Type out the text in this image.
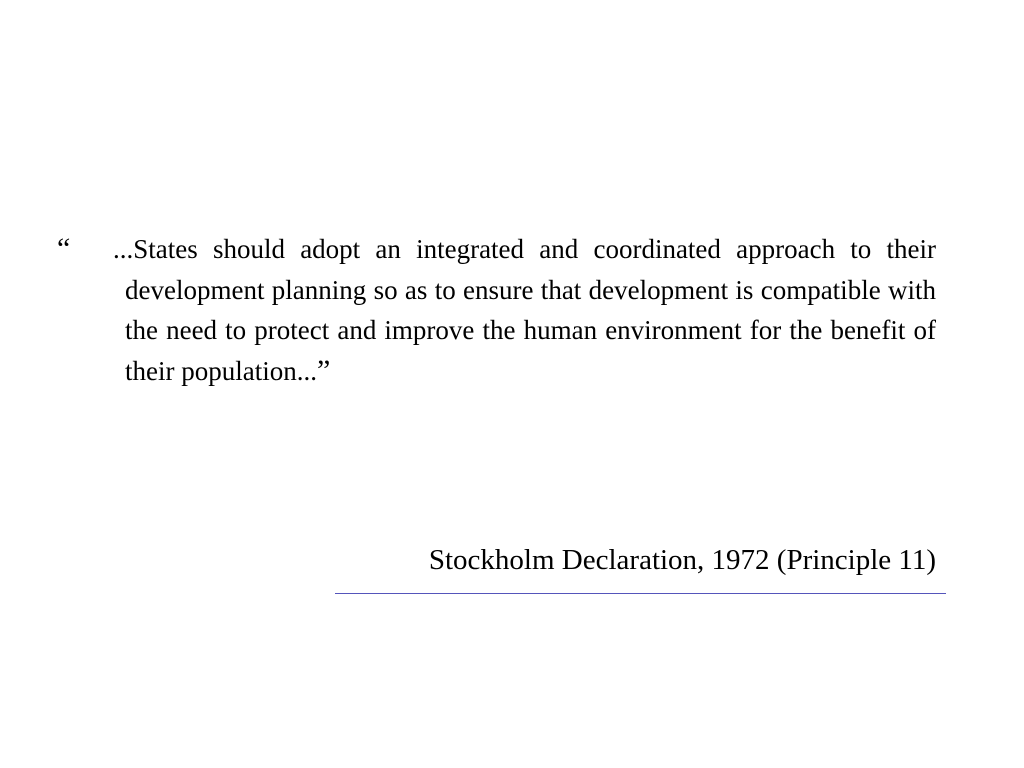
“ ...States should adopt an integrated and coordinated approach to their development planning so as to ensure that development is compatible with the need to protect and improve the human environment for the benefit of their population...”
Stockholm Declaration, 1972 (Principle 11)
